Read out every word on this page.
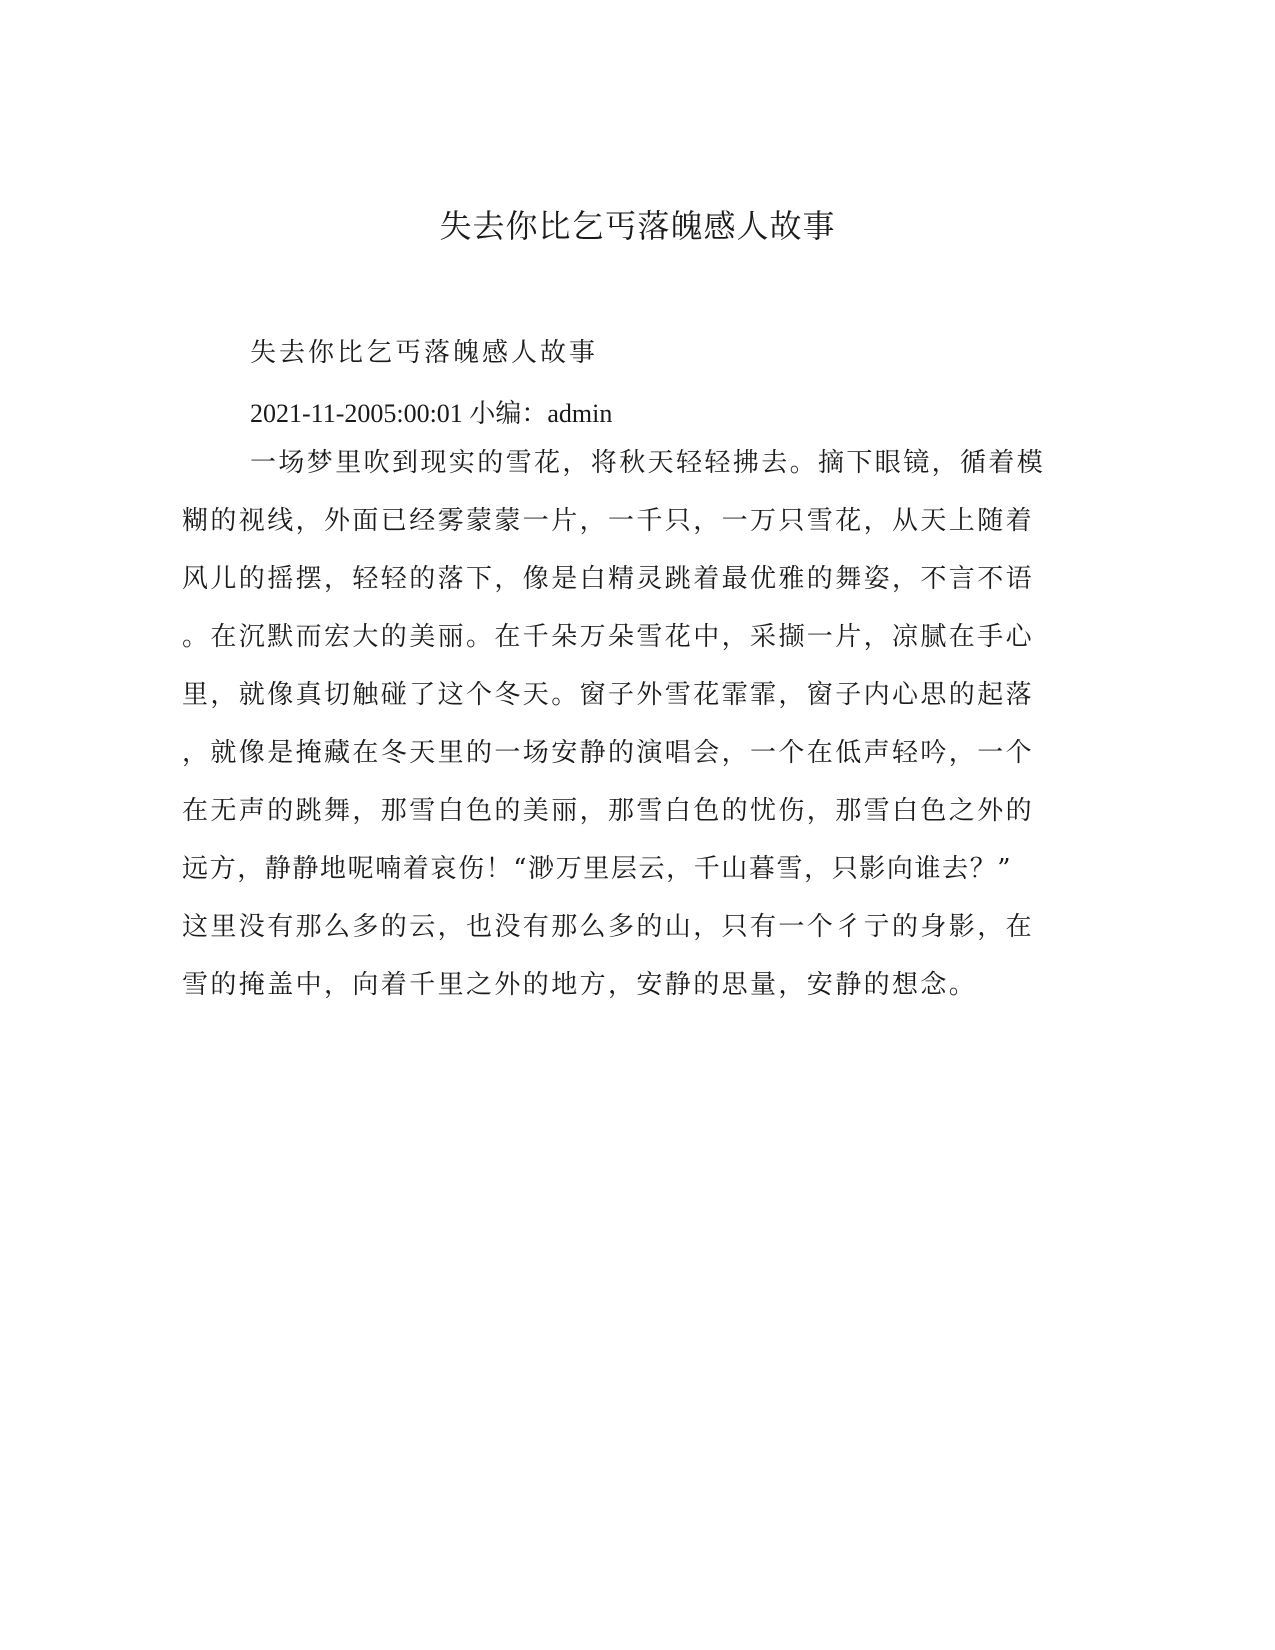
失去你比乞丐落魄感人故事
失去你比乞丐落魄感人故事
2021-11-2005:00:01 小编：admin
一场梦里吹到现实的雪花，将秋天轻轻拂去。摘下眼镜，循着模
糊的视线，外面已经雾蒙蒙一片，一千只，一万只雪花，从天上随着
风儿的摇摆，轻轻的落下，像是白精灵跳着最优雅的舞姿，不言不语
。在沉默而宏大的美丽。在千朵万朵雪花中，采撷一片，凉腻在手心
里，就像真切触碰了这个冬天。窗子外雪花霏霏，窗子内心思的起落
，就像是掩藏在冬天里的一场安静的演唱会，一个在低声轻吟，一个
在无声的跳舞，那雪白色的美丽，那雪白色的忧伤，那雪白色之外的
远方，静静地呢喃着哀伤！“渺万里层云，千山暮雪，只影向谁去？”
这里没有那么多的云，也没有那么多的山，只有一个彳亍的身影，在
雪的掩盖中，向着千里之外的地方，安静的思量，安静的想念。
